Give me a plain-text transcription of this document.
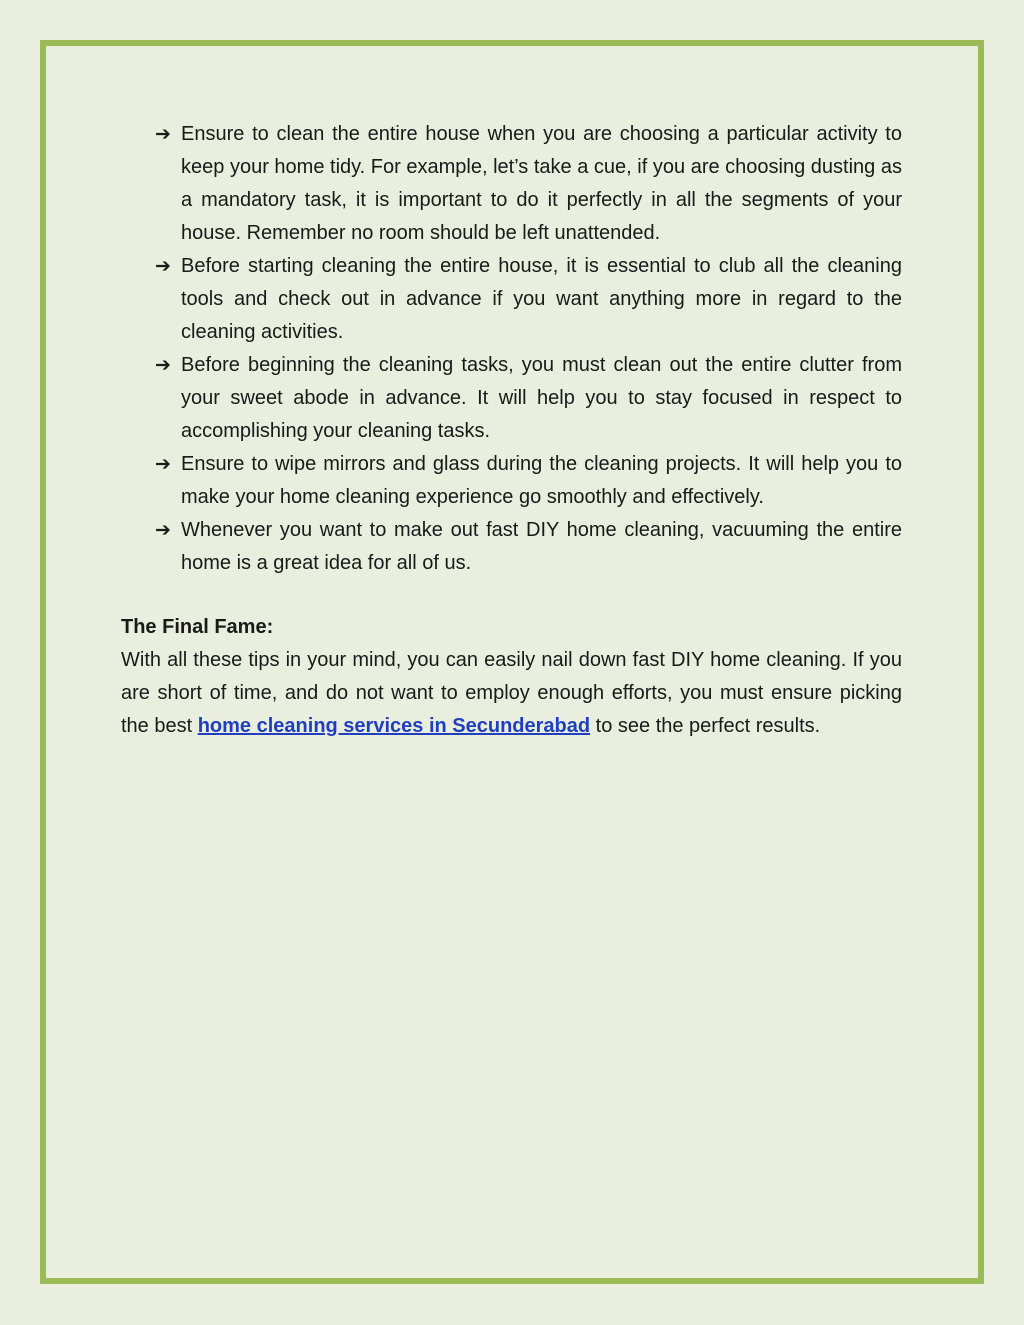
➔ Ensure to clean the entire house when you are choosing a particular activity to keep your home tidy. For example, let’s take a cue, if you are choosing dusting as a mandatory task, it is important to do it perfectly in all the segments of your house. Remember no room should be left unattended.
➔ Before starting cleaning the entire house, it is essential to club all the cleaning tools and check out in advance if you want anything more in regard to the cleaning activities.
➔ Before beginning the cleaning tasks, you must clean out the entire clutter from your sweet abode in advance. It will help you to stay focused in respect to accomplishing your cleaning tasks.
➔ Ensure to wipe mirrors and glass during the cleaning projects. It will help you to make your home cleaning experience go smoothly and effectively.
➔ Whenever you want to make out fast DIY home cleaning, vacuuming the entire home is a great idea for all of us.

The Final Fame:

With all these tips in your mind, you can easily nail down fast DIY home cleaning. If you are short of time, and do not want to employ enough efforts, you must ensure picking the best home cleaning services in Secunderabad to see the perfect results.
